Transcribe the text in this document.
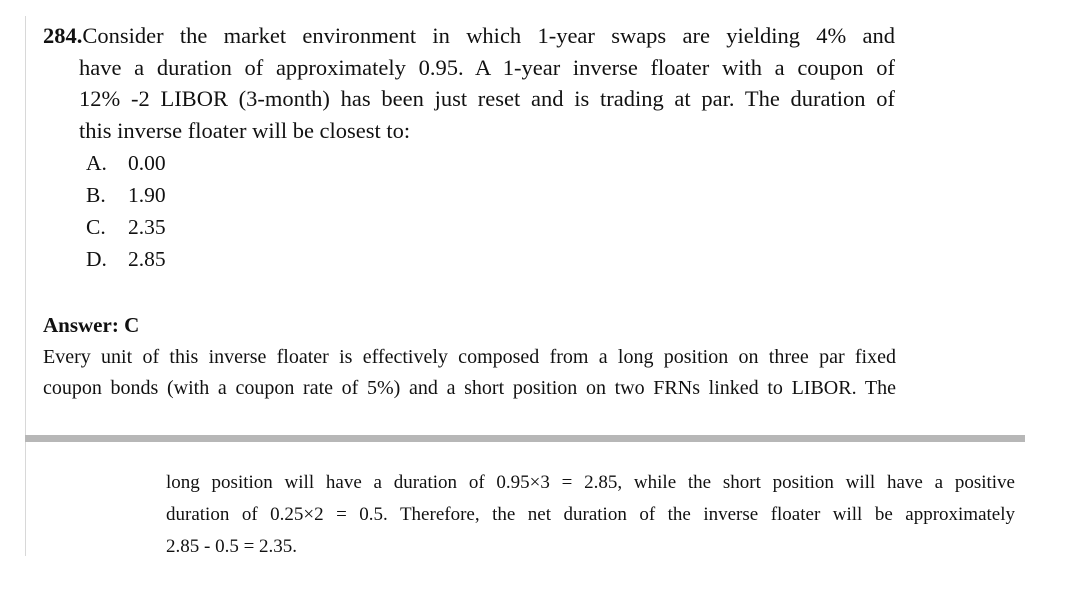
284.Consider the market environment in which 1-year swaps are yielding 4% and
have a duration of approximately 0.95. A 1-year inverse floater with a coupon of
12% -2 LIBOR (3-month) has been just reset and is trading at par. The duration of
this inverse floater will be closest to:
A. 0.00
B. 1.90
C. 2.35
D. 2.85
Answer: C
Every unit of this inverse floater is effectively composed from a long position on three par fixed
coupon bonds (with a coupon rate of 5%) and a short position on two FRNs linked to LIBOR. The
long position will have a duration of 0.95×3 = 2.85, while the short position will have a positive
duration of 0.25×2 = 0.5. Therefore, the net duration of the inverse floater will be approximately
2.85 - 0.5 = 2.35.
